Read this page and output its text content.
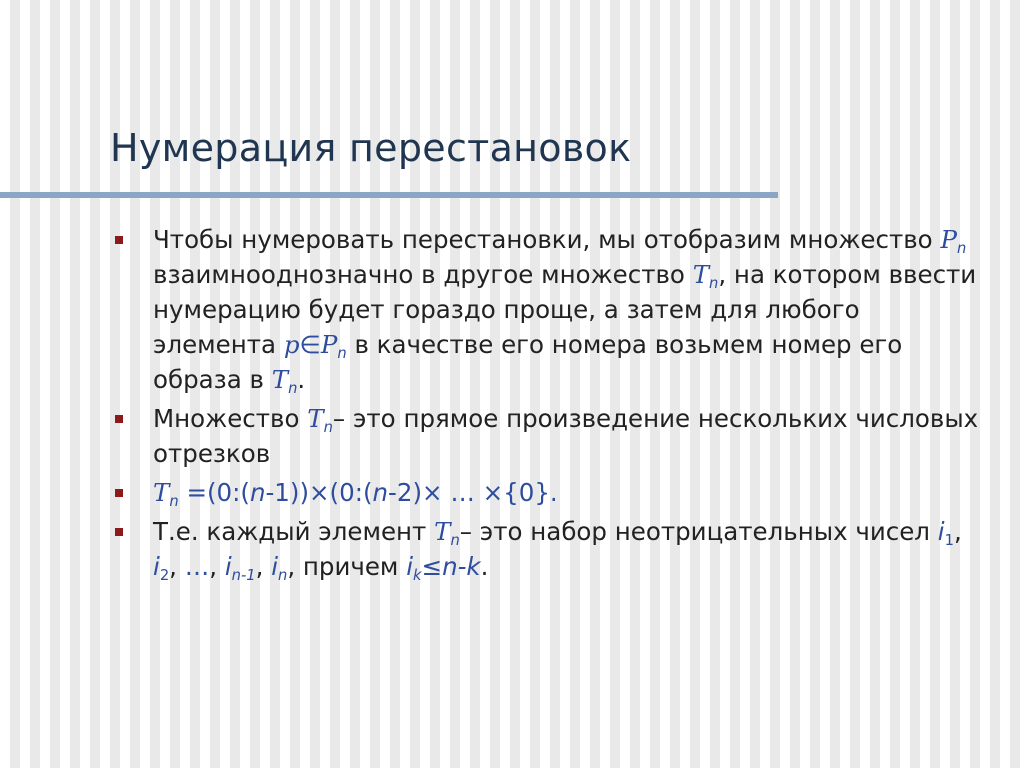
Нумерация перестановок
Чтобы нумеровать перестановки, мы отобразим множество $P_n$ взаимнооднозначно в другое множество $T_n$, на котором ввести нумерацию будет гораздо проще, а затем для любого элемента $p\in P_n$ в качестве его номера возьмем номер его образа в $T_n$.
Множество $T_n-$ это прямое произведение нескольких числовых отрезков
$T_n$ =(0:(n-1))×(0:(n-2)× … ×{0}.
Т.е. каждый элемент $T_n-$ это набор неотрицательных чисел $i_1$, $i_2$, …, $i_{n-1}$, $i_n$, причем $i_k\le n-k$.
